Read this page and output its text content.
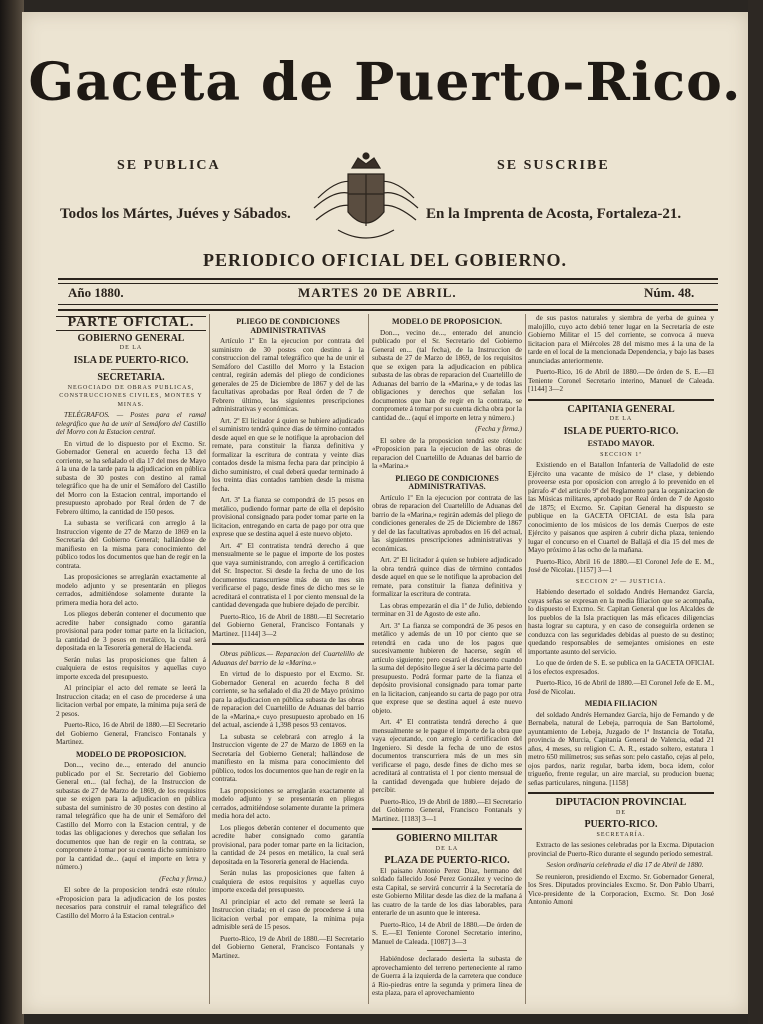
Gaceta de Puerto-Rico.
SE PUBLICA	SE SUSCRIBE
Todos los Mártes, Juéves y Sábados.	En la Imprenta de Acosta, Fortaleza-21.
PERIODICO OFICIAL DEL GOBIERNO.
Año 1880.	MARTES 20 DE ABRIL.	Núm. 48.
PARTE OFICIAL.
GOBIERNO GENERAL
DE LA
ISLA DE PUERTO-RICO.
SECRETARIA.
NEGOCIADO DE OBRAS PUBLICAS, CONSTRUCCIONES CIVILES, MONTES Y MINAS.

TELÉGRAFOS. — Postes para el ramal telegráfico que ha de unir al Semáforo del Castillo del Morro con la Estacion central.

En virtud de lo dispuesto por el Excmo. Sr. Gobernador General en acuerdo fecha 13 del corriente, se ha señalado el dia 17 del mes de Mayo á la una de la tarde para la adjudicacion en pública subasta de 30 postes con destino al ramal telegráfico que ha de unir el Semáforo del Castillo del Morro con la Estacion central, importando el presupuesto aprobado por Real órden de 7 de Febrero último, la cantidad de 150 pesos.

La subasta se verificará con arreglo á la Instruccion vigente de 27 de Marzo de 1869 en la Secretaría del Gobierno General; hallándose de manifiesto en la misma para conocimiento del público todos los documentos que han de regir en la contrata.

Las proposiciones se arreglarán exactamente al modelo adjunto y se presentarán en pliegos cerrados, admitiéndose solamente durante la primera media hora del acto.

Los pliegos deberán contener el documento que acredite haber consignado como garantía provisional para poder tomar parte en la licitacion, la cantidad de 3 pesos en metálico, la cual será depositada en la Tesorería general de Hacienda.

Serán nulas las proposiciones que falten á cualquiera de estos requisitos y aquellas cuyo importe exceda del presupuesto.

Al principiar el acto del remate se leerá la Instruccion citada; en el caso de procederse á una licitacion verbal por empate, la mínima puja será de 2 pesos.

Puerto-Rico, 16 de Abril de 1880.—El Secretario del Gobierno General, Francisco Fontanals y Martinez.

MODELO DE PROPOSICION.

Don..., vecino de..., enterado del anuncio publicado por el Sr. Secretario del Gobierno General en... (tal fecha), de la Instruccion de subastas de 27 de Marzo de 1869, de los requisitos que se exigen para la adjudicacion en pública subasta del suministro de 30 postes con destino al ramal telegráfico que ha de unir el Semáforo del Castillo del Morro con la Estacion central, y de todas las obligaciones y derechos que señalan los documentos que han de regir en la contrata, se compromete á tomar por su cuenta dicho suministro por la cantidad de... (aquí el importe en letra y número.)

(Fecha y firma.)

El sobre de la proposicion tendrá este rótulo: «Proposicion para la adjudicacion de los postes necesarios para construir el ramal telegráfico del Castillo del Morro á la Estacion central.»

PLIEGO DE CONDICIONES ADMINISTRATIVAS

Artículo 1º En la ejecucion por contrata del suministro de 30 postes con destino á la construccion del ramal telegráfico que ha de unir el Semáforo del Castillo del Morro y la Estacion central, regirán además del pliego de condiciones generales de 25 de Diciembre de 1867 y del de las facultativas aprobadas por Real órden de 7 de Febrero último, las siguientes prescripciones administrativas y económicas.

Art. 2º El licitador á quien se hubiere adjudicado el suministro tendrá quince dias de término contados desde aquel en que se le notifique la aprobacion del remate, para constituir la fianza definitiva y formalizar la escritura de contrata y veinte dias contados desde la misma fecha para dar principio á dicho suministro, el cual deberá quedar terminado á los treinta dias contados tambien desde la misma fecha.

Art. 3º La fianza se compondrá de 15 pesos en metálico, pudiendo formar parte de ella el depósito provisional consignado para poder tomar parte en la licitacion, entregando en carta de pago por otra que exprese que se destina aquel á este nuevo objeto.

Art. 4º El contratista tendrá derecho á que mensualmente se le pague el importe de los postes que vaya suministrando, con arreglo á certificacion del Sr. Inspector. Si desde la fecha de uno de los documentos transcurriese más de un mes sin verificarse el pago, desde fines de dicho mes se le acreditará el contratista el 1 por ciento mensual de la cantidad devengada que hubiere dejado de percibir.

Puerto-Rico, 16 de Abril de 1880.—El Secretario del Gobierno General, Francisco Fontanals y Martinez. [1144] 3—2

Obras públicas.— Reparacion del Cuartelillo de Aduanas del barrio de la «Marina.»

En virtud de lo dispuesto por el Excmo. Sr. Gobernador General en acuerdo fecha 8 del corriente, se ha señalado el dia 20 de Mayo próximo para la adjudicacion en pública subasta de las obras de reparacion del Cuartelillo de Aduanas del barrio de la «Marina,» cuyo presupuesto aprobado en 16 del actual, asciende á 1,398 pesos 93 centavos.

La subasta se celebrará con arreglo á la Instruccion vigente de 27 de Marzo de 1869 en la Secretaría del Gobierno General; hallándose de manifiesto en la misma para conocimiento del público, todos los documentos que han de regir en la contrata.

Las proposiciones se arreglarán exactamente al modelo adjunto y se presentarán en pliegos cerrados, admitiéndose solamente durante la primera media hora del acto.

Los pliegos deberán contener el documento que acredite haber consignado como garantía provisional, para poder tomar parte en la licitacion, la cantidad de 24 pesos en metálico, la cual será depositada en la Tesorería general de Hacienda.

Serán nulas las proposiciones que falten á cualquiera de estos requisitos y aquellas cuyo importe exceda del presupuesto.

Al principiar el acto del remate se leerá la Instruccion citada; en el caso de procederse á una licitacion verbal por empate, la mínima puja admisible será de 15 pesos.

Puerto-Rico, 19 de Abril de 1880.—El Secretario del Gobierno General, Francisco Fontanals y Martinez.

MODELO DE PROPOSICION.

Don..., vecino de..., enterado del anuncio publicado por el Sr. Secretario del Gobierno General en... (tal fecha), de la Instruccion de subasta de 27 de Marzo de 1869, de los requisitos que se exigen para la adjudicacion en pública subasta de las obras de reparacion del Cuartelillo de Aduanas del barrio de la «Marina,» y de todas las obligaciones y derechos que señalan los documentos que han de regir en la contrata, se compromete á tomar por su cuenta dicha obra por la cantidad de... (aquí el importe en letra y número.)

(Fecha y firma.)

El sobre de la proposicion tendrá este rótulo: «Proposicion para la ejecucion de las obras de reparacion del Cuartelillo de Aduanas del barrio de la «Marina.»

PLIEGO DE CONDICIONES ADMINISTRATIVAS.

Artículo 1º En la ejecucion por contrata de las obras de reparacion del Cuartelillo de Aduanas del barrio de la «Marina,» regirán además del pliego de condiciones generales de 25 de Diciembre de 1867 y del de las facultativas aprobados en 16 del actual, las siguientes prescripciones administrativas y económicas.

Art. 2º El licitador á quien se hubiere adjudicado la obra tendrá quince dias de término contados desde aquel en que se le notifique la aprobacion del remate, para constituir la fianza definitiva y formalizar la escritura de contrata.

Las obras empezarán el dia 1º de Julio, debiendo terminar en 31 de Agosto de este año.

Art. 3º La fianza se compondrá de 36 pesos en metálico y además de un 10 por ciento que se retendrá en cada uno de los pagos que sucesivamente hubieren de hacerse, según el artículo siguiente; pero cesará el descuento cuando la suma del depósito llegue á ser la décima parte del presupuesto. Podrá formar parte de la fianza el depósito provisional consignado para tomar parte en la licitacion, canjeando su carta de pago por otra que exprese que se destina aquel á este nuevo objeto.

Art. 4º El contratista tendrá derecho á que mensualmente se le pague el importe de la obra que vaya ejecutando, con arreglo á certificacion del Ingeniero. Si desde la fecha de uno de estos documentos transcurriera más de un mes sin verificarse el pago, desde fines de dicho mes se acreditará al contratista el 1 por ciento mensual de la cantidad devengada que hubiere dejado de percibir.

Puerto-Rico, 19 de Abril de 1880.—El Secretario del Gobierno General, Francisco Fontanals y Martinez. [1183] 3—1

GOBIERNO MILITAR
DE LA
PLAZA DE PUERTO-RICO.

El paisano Antonio Perez Diaz, hermano del soldado fallecido José Perez González y vecino de esta Capital, se servirá concurrir á la Secretaría de este Gobierno Militar desde las diez de la mañana á las cuatro de la tarde de los dias laborables, para enterarle de un asunto que le interesa.

Puerto-Rico, 14 de Abril de 1880.—De órden de S. E.—El Teniente Coronel Secretario interino, Manuel de Caleada. [1087] 3—3

Habiéndose declarado desierta la subasta de aprovechamiento del terreno perteneciente al ramo de Guerra á la izquierda de la carretera que conduce á Rio-piedras entre la segunda y primera línea de esta plaza, para el aprovechamiento

de sus pastos naturales y siembra de yerba de guinea y malojillo, cuyo acto debió tener lugar en la Secretaría de este Gobierno Militar el 15 del corriente, se convoca á nueva licitacion para el Miércoles 28 del mismo mes á la una de la tarde en el local de la mencionada Dependencia, y bajo las bases anunciadas anteriormente.

Puerto-Rico, 16 de Abril de 1880.—De órden de S. E.—El Teniente Coronel Secretario interino, Manuel de Caleada. [1144] 3—2

CAPITANIA GENERAL
DE LA
ISLA DE PUERTO-RICO.
ESTADO MAYOR.
SECCION 1ª

Existiendo en el Batallon Infantería de Valladolid de este Ejército una vacante de músico de 1ª clase, y debiendo proveerse esta por oposicion con arreglo á lo prevenido en el párrafo 4º del artículo 9º del Reglamento para la organizacion de las Músicas militares, aprobado por Real órden de 7 de Agosto de 1875; el Excmo. Sr. Capitan General ha dispuesto se publique en la GACETA OFICIAL de esta Isla para conocimiento de los músicos de los demás Cuerpos de este Ejército y paisanos que aspiren á cubrir dicha plaza, teniendo lugar el concurso en el Cuartel de Ballajá el dia 15 del mes de Mayo próximo á las ocho de la mañana.

Puerto-Rico, Abril 16 de 1880.—El Coronel Jefe de E. M., José de Nicolau. [1157] 3—1

SECCION 2ª — JUSTICIA.

Habiendo desertado el soldado Andrés Hernandez García, cuyas señas se expresan en la media filiacion que se acompaña, lo dispuesto el Excmo. Sr. Capitan General que los Alcaldes de los pueblos de la Isla practiquen las más eficaces diligencias hasta lograr su captura, y en caso de conseguirla ordenen se conduzca con las seguridades debidas al puesto de su destino; quedando responsables de semejantes omisiones en este importante asunto del servicio.

Lo que de órden de S. E. se publica en la GACETA OFICIAL á los efectos expresados.

Puerto-Rico, 16 de Abril de 1880.—El Coronel Jefe de E. M., José de Nicolau.

MEDIA FILIACION

del soldado Andrés Hernandez García, hijo de Fernando y de Bernabela, natural de Lebeja, parroquia de San Bartolomé, ayuntamiento de Lebeja, Juzgado de 1ª Instancia de Totaña, provincia de Murcia, Capitanía General de Valencia, edad 21 años, 4 meses, su religion C. A. R., estado soltero, estatura 1 metro 650 milímetros; sus señas son: pelo castaño, cejas al pelo, ojos pardos, nariz regular, barba idem, boca idem, color trigueño, frente regular, un aire marcial, su producion buena; señas particulares, ninguna. [1158]

DIPUTACION PROVINCIAL
DE
PUERTO-RICO.
SECRETARÍA.

Extracto de las sesiones celebradas por la Excma. Diputacion provincial de Puerto-Rico durante el segundo período semestral.

Sesion ordinaria celebrada el dia 17 de Abril de 1880.

Se reunieron, presidiendo el Excmo. Sr. Gobernador General, los Sres. Diputados provinciales Excmo. Sr. Don Pablo Ubarri, Vice-presidente de la Corporacion, Excmo. Sr. Don José Antonio Amoni
